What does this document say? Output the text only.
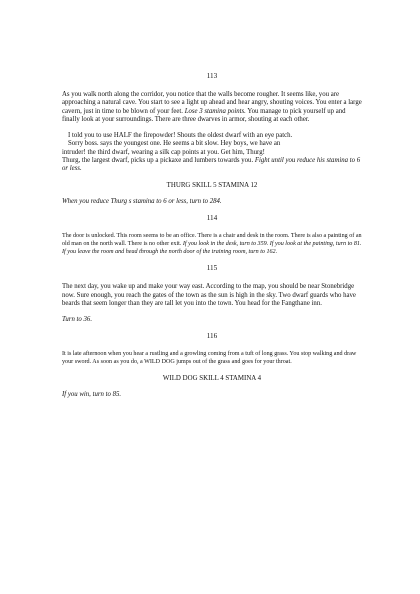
113

As you walk north along the corridor, you notice that the walls become rougher. It seems like, you are approaching a natural cave. You start to see a light up ahead and hear angry, shouting voices. You enter a large cavern, just in time to be blown of your feet. Lose 3 stamina points. You manage to pick yourself up and finally look at your surroundings. There are three dwarves in armor, shouting at each other.

I told you to use HALF the firepowder! Shouts the oldest dwarf with an eye patch.

Sorry boss. says the youngest one. He seems a bit slow. Hey boys, we have an

intruder! the third dwarf, wearing a silk cap points at you. Get him, Thurg!

Thurg, the largest dwarf, picks up a pickaxe and lumbers towards you. Fight until you reduce his stamina to 6 or less.

THURG SKILL 5 STAMINA 12

When you reduce Thurg s stamina to 6 or less, turn to 284.

114

The door is unlocked. This room seems to be an office. There is a chair and desk in the room. There is also a painting of an old man on the north wall. There is no other exit. If you look in the desk, turn to 359. If you look at the painting, turn to 81. If you leave the room and head through the north door of the training room, turn to 162.

115

The next day, you wake up and make your way east. According to the map, you should be near Stonebridge now. Sure enough, you reach the gates of the town as the sun is high in the sky. Two dwarf guards who have beards that seem longer than they are tall let you into the town. You head for the Fangthane inn.

Turn to 36.

116

It is late afternoon when you hear a rustling and a growling coming from a tuft of long grass. You stop walking and draw your sword. As soon as you do, a WILD DOG jumps out of the grass and goes for your throat.

WILD DOG SKILL 4 STAMINA 4

If you win, turn to 85.
